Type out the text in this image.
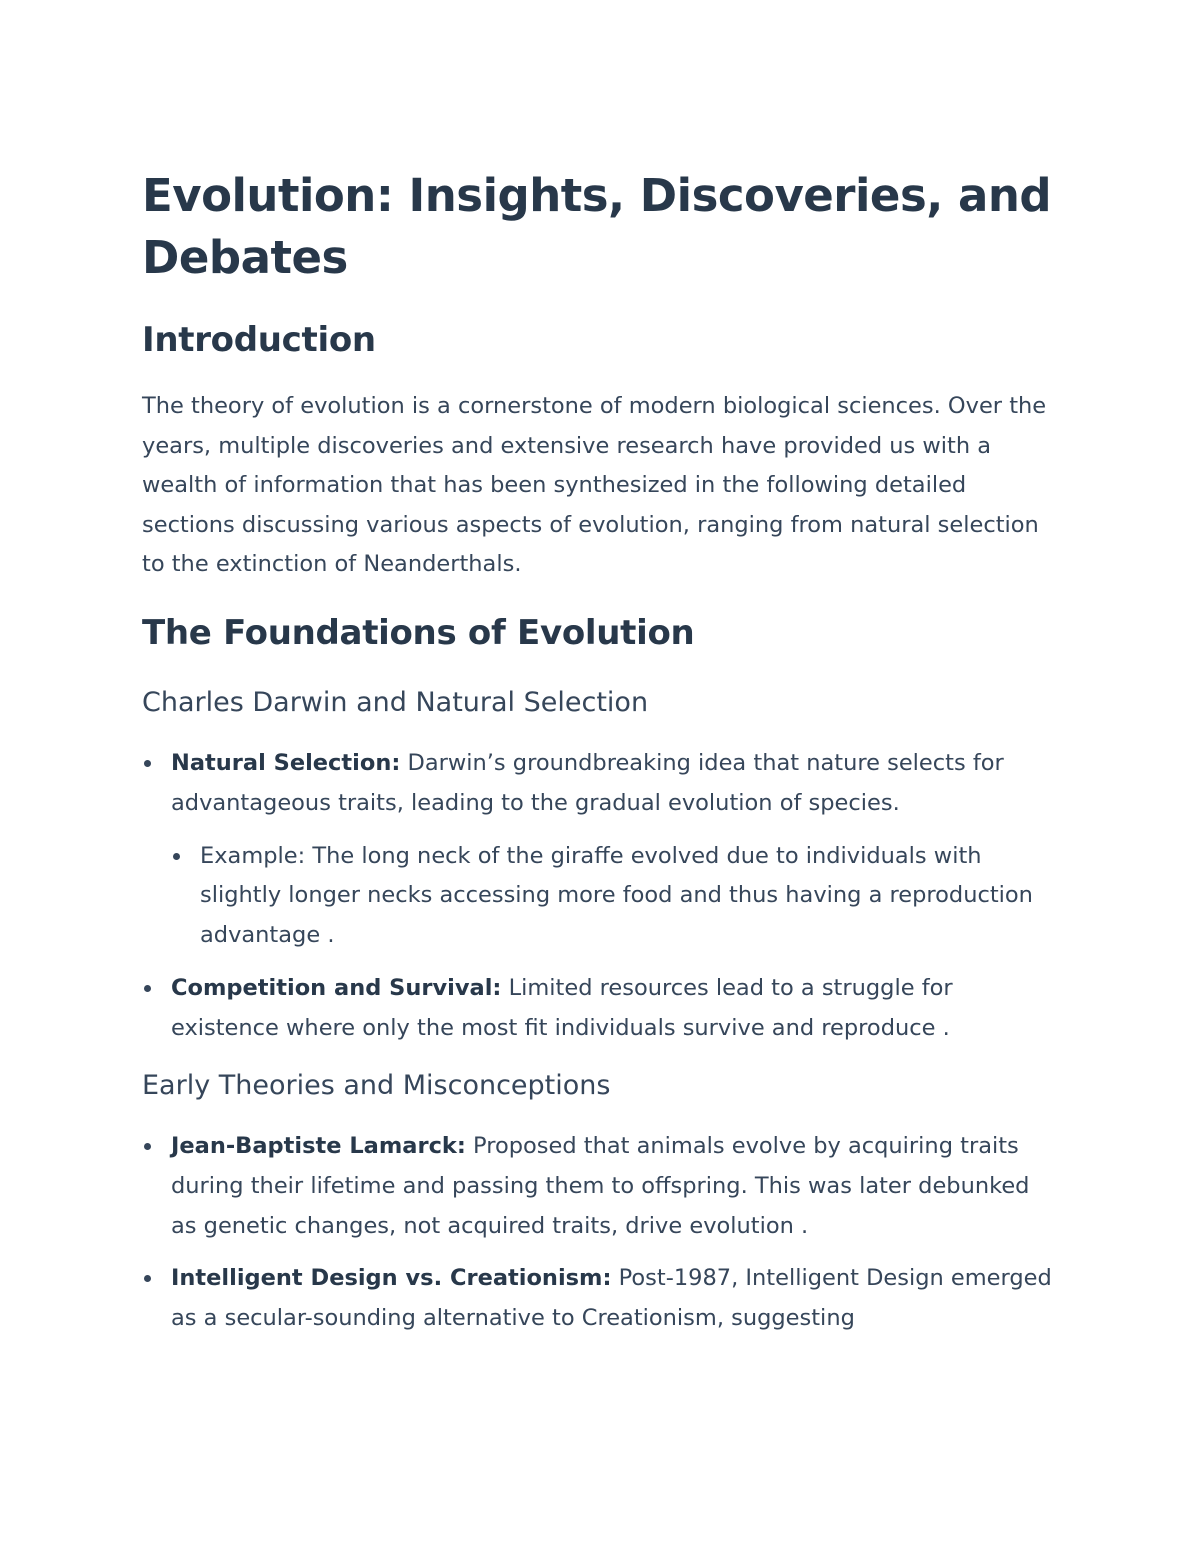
Evolution: Insights, Discoveries, and Debates
Introduction

The theory of evolution is a cornerstone of modern biological sciences. Over the years, multiple discoveries and extensive research have provided us with a wealth of information that has been synthesized in the following detailed sections discussing various aspects of evolution, ranging from natural selection to the extinction of Neanderthals.

The Foundations of Evolution
Charles Darwin and Natural Selection
Natural Selection: Darwin’s groundbreaking idea that nature selects for advantageous traits, leading to the gradual evolution of species.
Example: The long neck of the giraffe evolved due to individuals with slightly longer necks accessing more food and thus having a reproduction advantage .
Competition and Survival: Limited resources lead to a struggle for existence where only the most fit individuals survive and reproduce .
Early Theories and Misconceptions
Jean-Baptiste Lamarck: Proposed that animals evolve by acquiring traits during their lifetime and passing them to offspring. This was later debunked as genetic changes, not acquired traits, drive evolution .
Intelligent Design vs. Creationism: Post-1987, Intelligent Design emerged as a secular-sounding alternative to Creationism, suggesting
